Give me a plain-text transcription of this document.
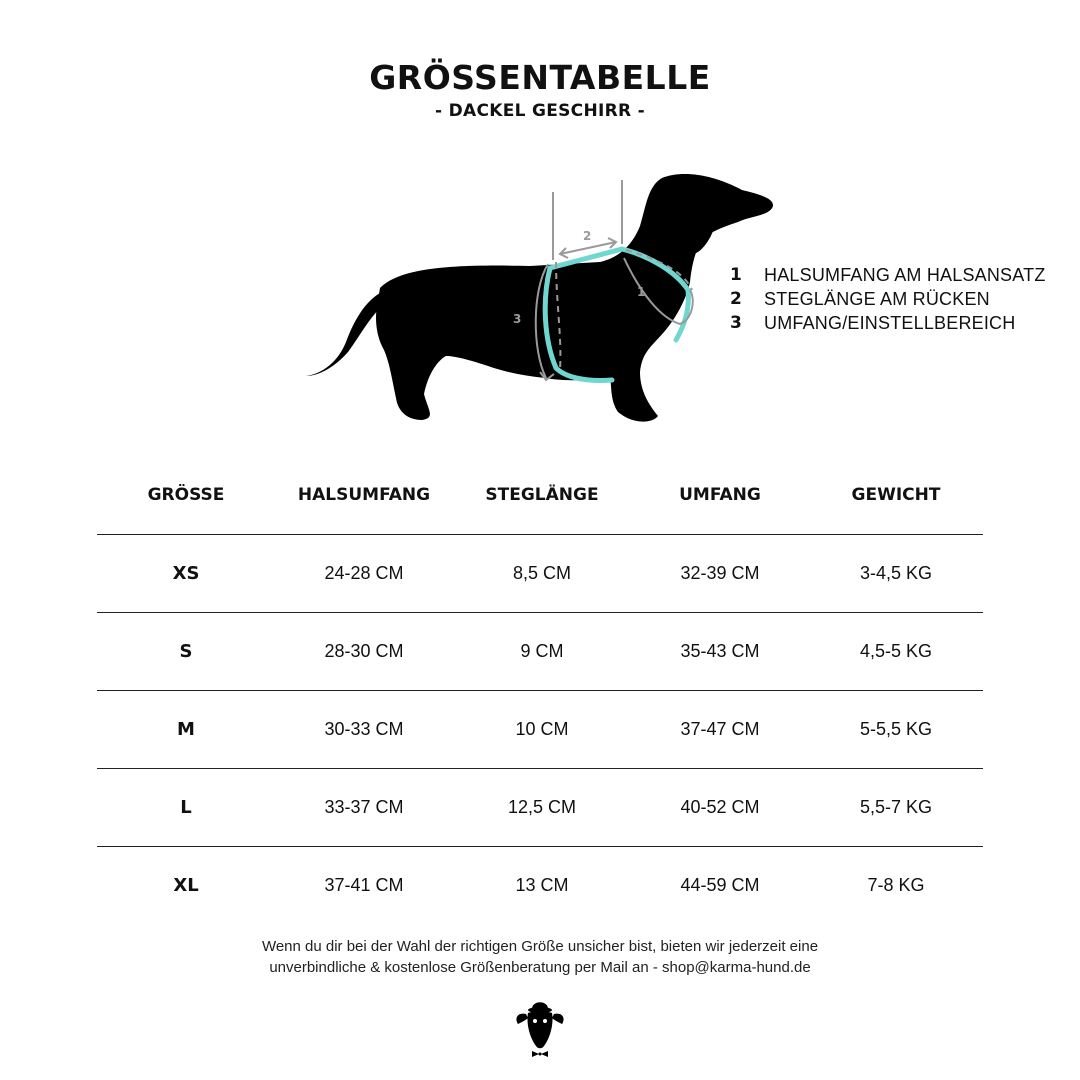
GRÖSSENTABELLE
- DACKEL GESCHIRR -
2
1
3
1	HALSUMFANG AM HALSANSATZ
2	STEGLÄNGE AM RÜCKEN
3	UMFANG/EINSTELLBEREICH
GRÖSSE	HALSUMFANG	STEGLÄNGE	UMFANG	GEWICHT
XS	24-28 CM	8,5 CM	32-39 CM	3-4,5 KG
S	28-30 CM	9 CM	35-43 CM	4,5-5 KG
M	30-33 CM	10 CM	37-47 CM	5-5,5 KG
L	33-37 CM	12,5 CM	40-52 CM	5,5-7 KG
XL	37-41 CM	13 CM	44-59 CM	7-8 KG
Wenn du dir bei der Wahl der richtigen Größe unsicher bist, bieten wir jederzeit eine
unverbindliche & kostenlose Größenberatung per Mail an - shop@karma-hund.de
